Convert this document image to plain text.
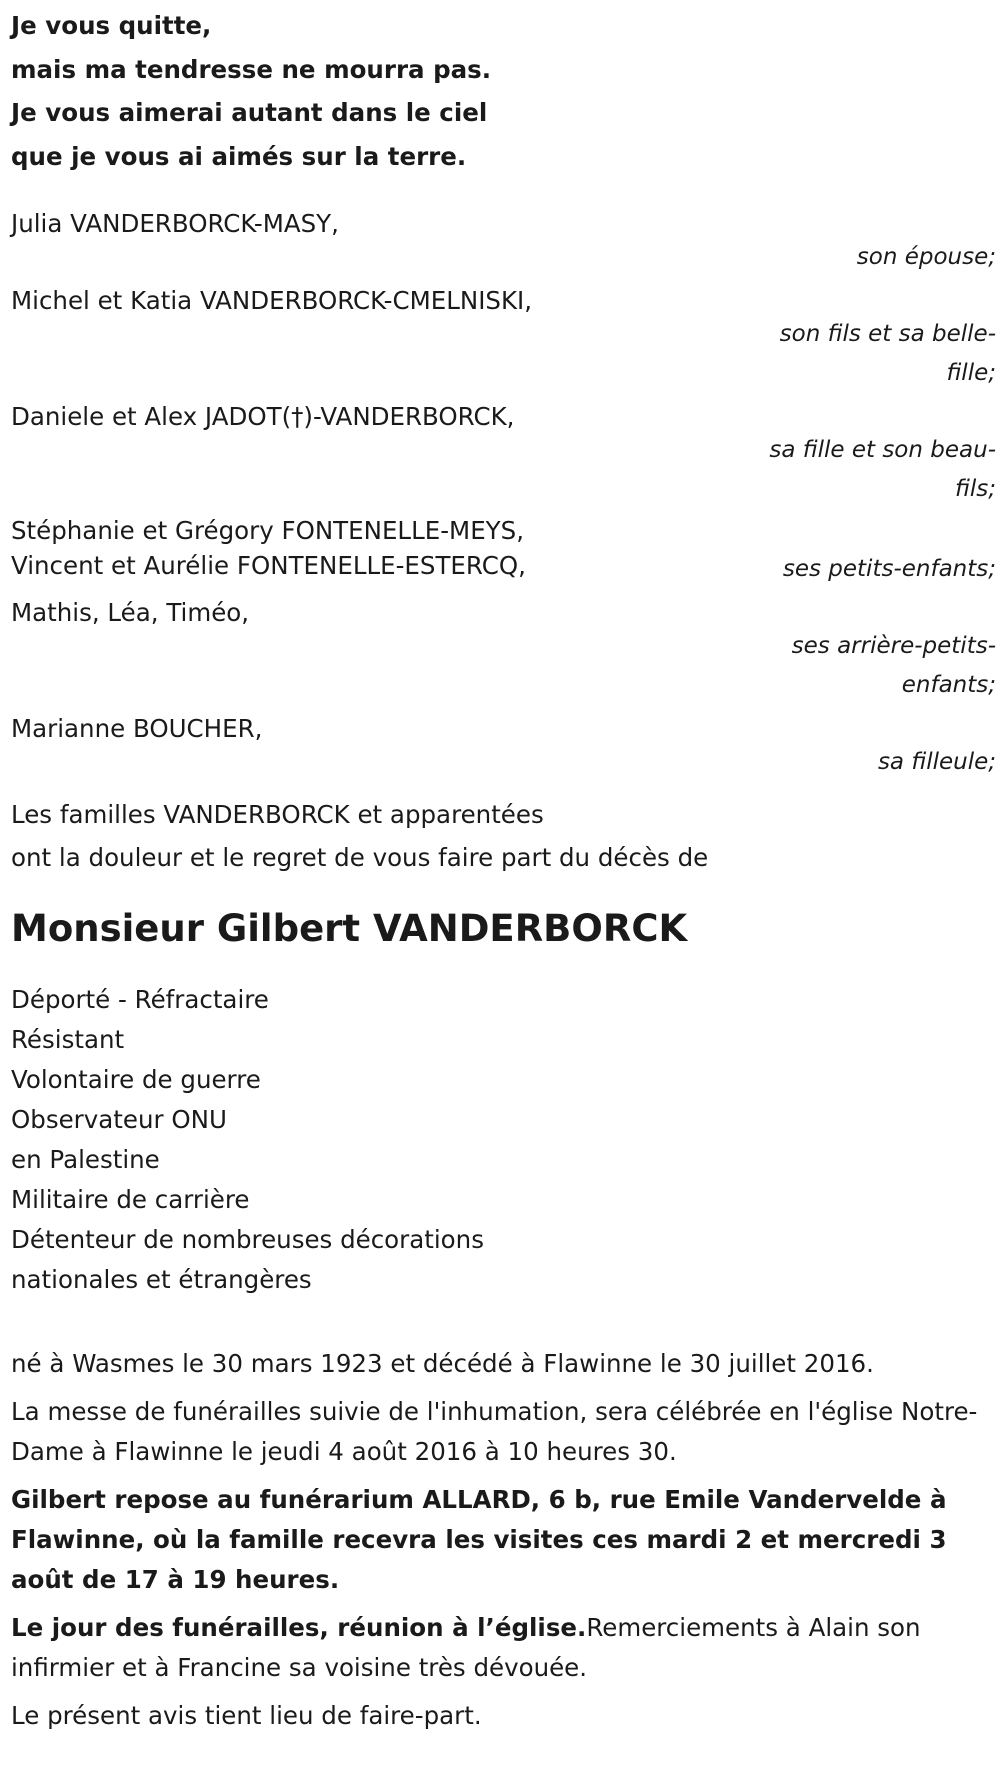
Je vous quitte,
mais ma tendresse ne mourra pas.
Je vous aimerai autant dans le ciel
que je vous ai aimés sur la terre.
Julia VANDERBORCK-MASY,
son épouse;
Michel et Katia VANDERBORCK-CMELNISKI,
son fils et sa belle-fille;
Daniele et Alex JADOT(†)-VANDERBORCK,
sa fille et son beau-fils;
Stéphanie et Grégory FONTENELLE-MEYS,
Vincent et Aurélie FONTENELLE-ESTERCQ,	ses petits-enfants;
Mathis, Léa, Timéo,
ses arrière-petits-enfants;
Marianne BOUCHER,
sa filleule;
Les familles VANDERBORCK et apparentées
ont la douleur et le regret de vous faire part du décès de
Monsieur Gilbert VANDERBORCK
Déporté - Réfractaire
Résistant
Volontaire de guerre
Observateur ONU
en Palestine
Militaire de carrière
Détenteur de nombreuses décorations
nationales et étrangères

né à Wasmes le 30 mars 1923 et décédé à Flawinne le 30 juillet 2016.

La messe de funérailles suivie de l'inhumation, sera célébrée en l'église Notre-Dame à Flawinne le jeudi 4 août 2016 à 10 heures 30.

Gilbert repose au funérarium ALLARD, 6 b, rue Emile Vandervelde à Flawinne, où la famille recevra les visites ces mardi 2 et mercredi 3 août de 17 à 19 heures.

Le jour des funérailles, réunion à l’église.Remerciements à Alain son infirmier et à Francine sa voisine très dévouée.

Le présent avis tient lieu de faire-part.
